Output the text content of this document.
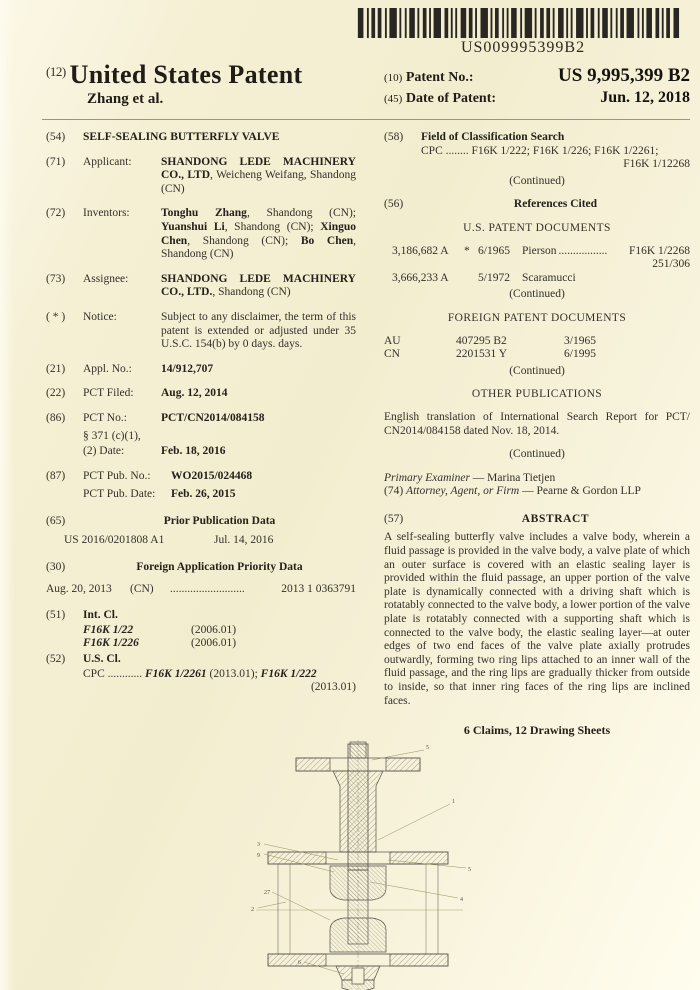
US009995399B2
$^{(12)}$ United States Patent
Zhang et al.
(10) Patent No.:	US 9,995,399 B2
(45) Date of Patent:	Jun. 12, 2018
(54)	SELF-SEALING BUTTERFLY VALVE
(71)	Applicant:	SHANDONG LEDE MACHINERY CO., LTD, Weicheng Weifang, Shandong (CN)
(72)	Inventors:	Tonghu Zhang, Shandong (CN); Yuanshui Li, Shandong (CN); Xinguo Chen, Shandong (CN); Bo Chen, Shandong (CN)
(73)	Assignee:	SHANDONG LEDE MACHINERY CO., LTD., Shandong (CN)
( * )	Notice:	Subject to any disclaimer, the term of this patent is extended or adjusted under 35 U.S.C. 154(b) by 0 days. days.
(21)	Appl. No.:	14/912,707
(22)	PCT Filed:	Aug. 12, 2014
(86)	PCT No.:	PCT/CN2014/084158
§ 371 (c)(1),
(2) Date:	Feb. 18, 2016
(87)	PCT Pub. No.:	WO2015/024468
PCT Pub. Date:	Feb. 26, 2015
(65)	Prior Publication Data
US 2016/0201808 A1	Jul. 14, 2016
(30)	Foreign Application Priority Data
Aug. 20, 2013	(CN)	..........................	2013 1 0363791
(51)	Int. Cl.
F16K 1/22	(2006.01)
F16K 1/226	(2006.01)
(52)	U.S. Cl.
CPC ............ F16K 1/2261 (2013.01); F16K 1/222
(2013.01)
(58)	Field of Classification Search
CPC ........ F16K 1/222; F16K 1/226; F16K 1/2261;
F16K 1/12268
(Continued)
(56)	References Cited
U.S. PATENT DOCUMENTS
3,186,682 A	* 6/1965	Pierson .................	F16K 1/2268
251/306
3,666,233 A	5/1972	Scaramucci
(Continued)
FOREIGN PATENT DOCUMENTS
AU	407295 B2	3/1965
CN	2201531 Y	6/1995
(Continued)
OTHER PUBLICATIONS
English translation of International Search Report for PCT/ CN2014/084158 dated Nov. 18, 2014.
(Continued)
Primary Examiner — Marina Tietjen
(74) Attorney, Agent, or Firm — Pearne & Gordon LLP
(57)	ABSTRACT
A self-sealing butterfly valve includes a valve body, wherein a fluid passage is provided in the valve body, a valve plate of which an outer surface is covered with an elastic sealing layer is provided within the fluid passage, an upper portion of the valve plate is dynamically connected with a driving shaft which is rotatably connected to the valve body, a lower portion of the valve plate is rotatably connected with a supporting shaft which is connected to the valve body, the elastic sealing layer—at outer edges of two end faces of the valve plate axially protrudes outwardly, forming two ring lips attached to an inner wall of the fluid passage, and the ring lips are gradually thicker from outside to inside, so that inner ring faces of the ring lips are inclined faces.
6 Claims, 12 Drawing Sheets
5
1
3
9
27
2
5
4
6
